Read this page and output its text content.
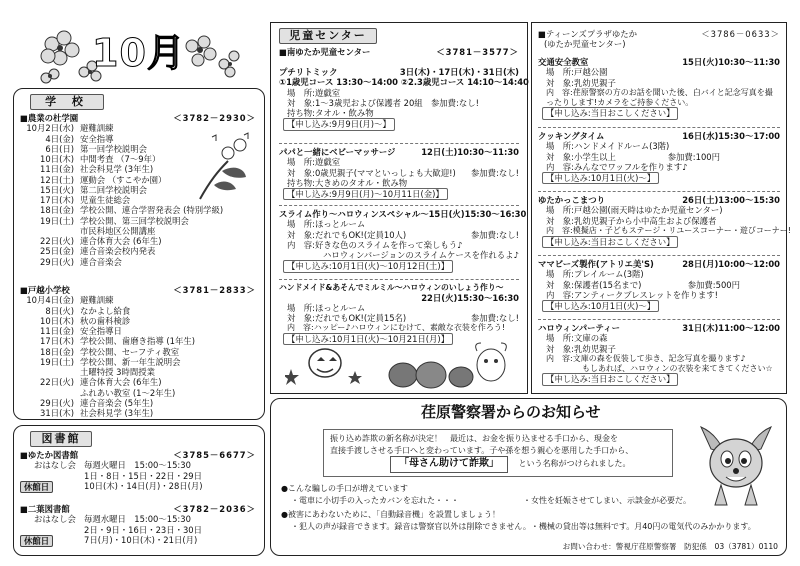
10月
学 校
■農業の杜学園	＜3782－2930＞
10月2日(水) 避難訓練
4日(金) 安全指導
6日(日) 第一回学校説明会
10日(木) 中間考査 （7～9年）
11日(金) 社会科見学 (3年生)
12日(土) 運動会 （すこやか園）
15日(火) 第二回学校説明会
17日(木) 児童生徒総会
18日(金) 学校公開、連合学習発表会 (特別学級)
19日(土) 学校公開、第三回学校説明会
市民科地区公開講座
22日(火) 連合体育大会 (6年生)
25日(金) 連合音楽会校内発表
29日(火) 連合音楽会
■戸越小学校	＜3781－2833＞
10月4日(金) 避難訓練
8日(火) なかよし給食
10日(木) 秋の歯科検診
11日(金) 安全指導日
17日(木) 学校公開、歯磨き指導 (1年生)
18日(金) 学校公開、セーフティ教室
19日(土) 学校公開、新一年生説明会
土曜特授 3時間授業
22日(火) 連合体育大会 (6年生)
ふれあい教室 (1～2年生)
29日(火) 連合音楽会 (5年生)
31日(木) 社会科見学 (3年生)
図書館
■ゆたか図書館	＜3785－6677＞
おはなし会 毎週火曜日　15:00～15:30
1日・8日・15日・22日・29日
休館日	10日(木)・14日(月)・28日(月)
■二葉図書館	＜3782－2036＞
おはなし会 毎週水曜日　15:00～15:30
2日・9日・16日・23日・30日
休館日	7日(月)・10日(木)・21日(月)
児童センター
■南ゆたか児童センター	＜3781－3577＞
プチリトミック	3日(木)・17日(木)・31日(木)
①1歳児コース 13:30～14:00 ②2.3歳児コース 14:10～14:40
場　所:遊戯室
対　象:1～3歳児および保護者 20組 参加費:なし!
持ち物:タオル・飲み物
【申し込み:9月9日(月)～】
パパと一緒にベビーマッサージ	12日(土)10:30～11:30
場　所:遊戯室
対　象:0歳児親子(ママといっしょも大歓迎!) 参加費:なし!
持ち物:大きめのタオル・飲み物
【申し込み:9月9日(月)～10月11日(金)】
スライム作り～ハロウィンスペシャル～ 15日(火)15:30～16:30
場　所:ほっとルーム
対　象:だれでもOK!(定員10人)	参加費:なし!
内　容:好きな色のスライムを作って楽しもう♪
ハロウィンバージョンのスライムケースを作れるよ♪
【申し込み:10月1日(火)～10月12日(土)】
ハンドメイド&あそんでミルミル～ハロウィンのいしょう作り～
22日(火)15:30～16:30
場　所:ほっとルーム
対　象:だれでもOK!(定員15名)	参加費:なし!
内　容:ハッピー♪ハロウィンにむけて、素敵な衣装を作ろう!
【申し込み:10月1日(火)～10月21日(月)】
■ティーンズプラザゆたか	＜3786－0633＞
(ゆたか児童センター)
交通安全教室	15日(火)10:30～11:30
場　所:戸越公園
対　象:乳幼児親子
内　容:荏原警察の方のお話を聞いた後、白バイと記念写真を撮ったりします!カメラをご持参ください。
【申し込み:当日おこしください】
クッキングタイム	16日(水)15:30～17:00
場　所:ハンドメイドルーム(3階)
対　象:小学生以上	参加費:100円
内　容:みんなでワッフルを作ります♪
【申し込み:10月1日(火)～】
ゆたかっこまつり	26日(土)13:00～15:30
場　所:戸越公園(雨天時はゆたか児童センター)
対　象:乳幼児親子から小中高生および保護者
内　容:模擬店・子どもステージ・リユースコーナー・遊びコーナー!
【申し込み:当日おこしください】
ママビーズ製作(アトリエ美'S)	28日(月)10:00～12:00
場　所:プレイルーム(3階)
対　象:保護者(15名まで)	参加費:500円
内　容:アンティークブレスレットを作ります!
【申し込み:10月1日(火)～】
ハロウィンパーティー	31日(木)11:00～12:00
場　所:文庫の森
対　象:乳幼児親子
内　容:文庫の森を仮装して歩き、記念写真を撮ります♪
もしあれば、ハロウィンの衣装を来てきてください☆
【申し込み:当日おこしください】
荏原警察署からのお知らせ
振り込め詐欺の新名称が決定！　最近は、お金を振り込ませる手口から、現金を
直接手渡しさせる手口へと変わっています。子や孫を想う親心を悪用した手口から、
「母さん助けて詐欺」 という名称がつけられました。
●こんな騙しの手口が増えています
・電車に小切手の入ったカバンを忘れた・・・	・女性を妊娠させてしまい、示談金が必要だ。
●被害にあわないために、「自動録音機」を設置しましょう！
・犯人の声が録音できます。録音は警察官以外は削除できません。 ・機械の貸出等は無料です。月40円の電気代のみかかります。
お問い合わせ：警視庁荏原警察署　防犯係　03（3781）0110
